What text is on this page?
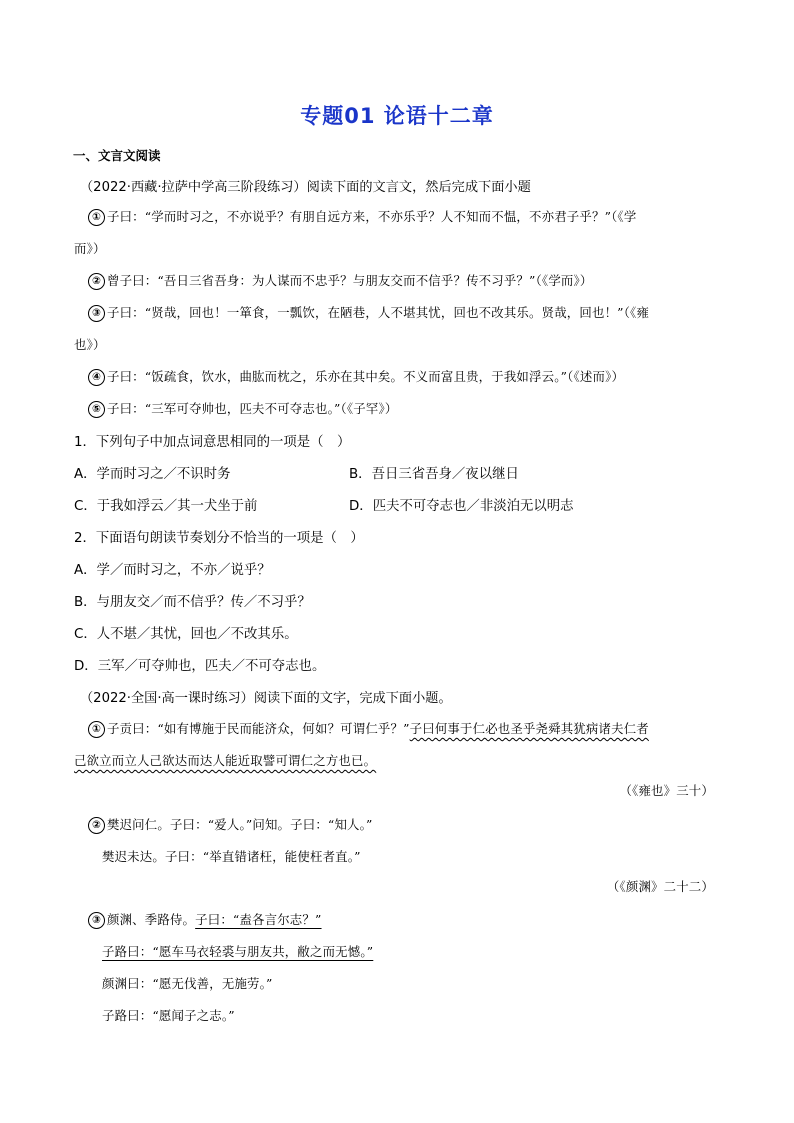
专题01 论语十二章
一、文言文阅读
（2022·西藏·拉萨中学高三阶段练习）阅读下面的文言文，然后完成下面小题
① 子曰：“学而时习之，不亦说乎？有朋自远方来，不亦乐乎？人不知而不愠，不亦君子乎？”（《学
而》）
② 曾子曰：“吾日三省吾身：为人谋而不忠乎？与朋友交而不信乎？传不习乎？”（《学而》）
③ 子曰：“贤哉，回也！一箪食，一瓢饮，在陋巷，人不堪其忧，回也不改其乐。贤哉，回也！”（《雍
也》）
④ 子曰：“饭疏食，饮水，曲肱而枕之，乐亦在其中矣。不义而富且贵，于我如浮云。”（《述而》）
⑤ 子曰：“三军可夺帅也，匹夫不可夺志也。”（《子罕》）
1．下列句子中加点词意思相同的一项是（　）
A．学而时习之／不识时务	B．吾日三省吾身／夜以继日
C．于我如浮云／其一犬坐于前	D．匹夫不可夺志也／非淡泊无以明志
2．下面语句朗读节奏划分不恰当的一项是（　）
A．学／而时习之，不亦／说乎？
B．与朋友交／而不信乎？传／不习乎？
C．人不堪／其忧，回也／不改其乐。
D．三军／可夺帅也，匹夫／不可夺志也。
（2022·全国·高一课时练习）阅读下面的文字，完成下面小题。
① 子贡曰：“如有博施于民而能济众，何如？可谓仁乎？”子曰何事于仁必也圣乎尧舜其犹病诸夫仁者
己欲立而立人己欲达而达人能近取譬可谓仁之方也已。
（《雍也》三十）
② 樊迟问仁。子曰：“爱人。”问知。子曰：“知人。”
樊迟未达。子曰：“举直错诸枉，能使枉者直。”
（《颜渊》二十二）
③ 颜渊、季路侍。子曰：“盍各言尔志？”
子路曰：“愿车马衣轻裘与朋友共，敝之而无憾。”
颜渊曰：“愿无伐善，无施劳。”
子路曰：“愿闻子之志。”
